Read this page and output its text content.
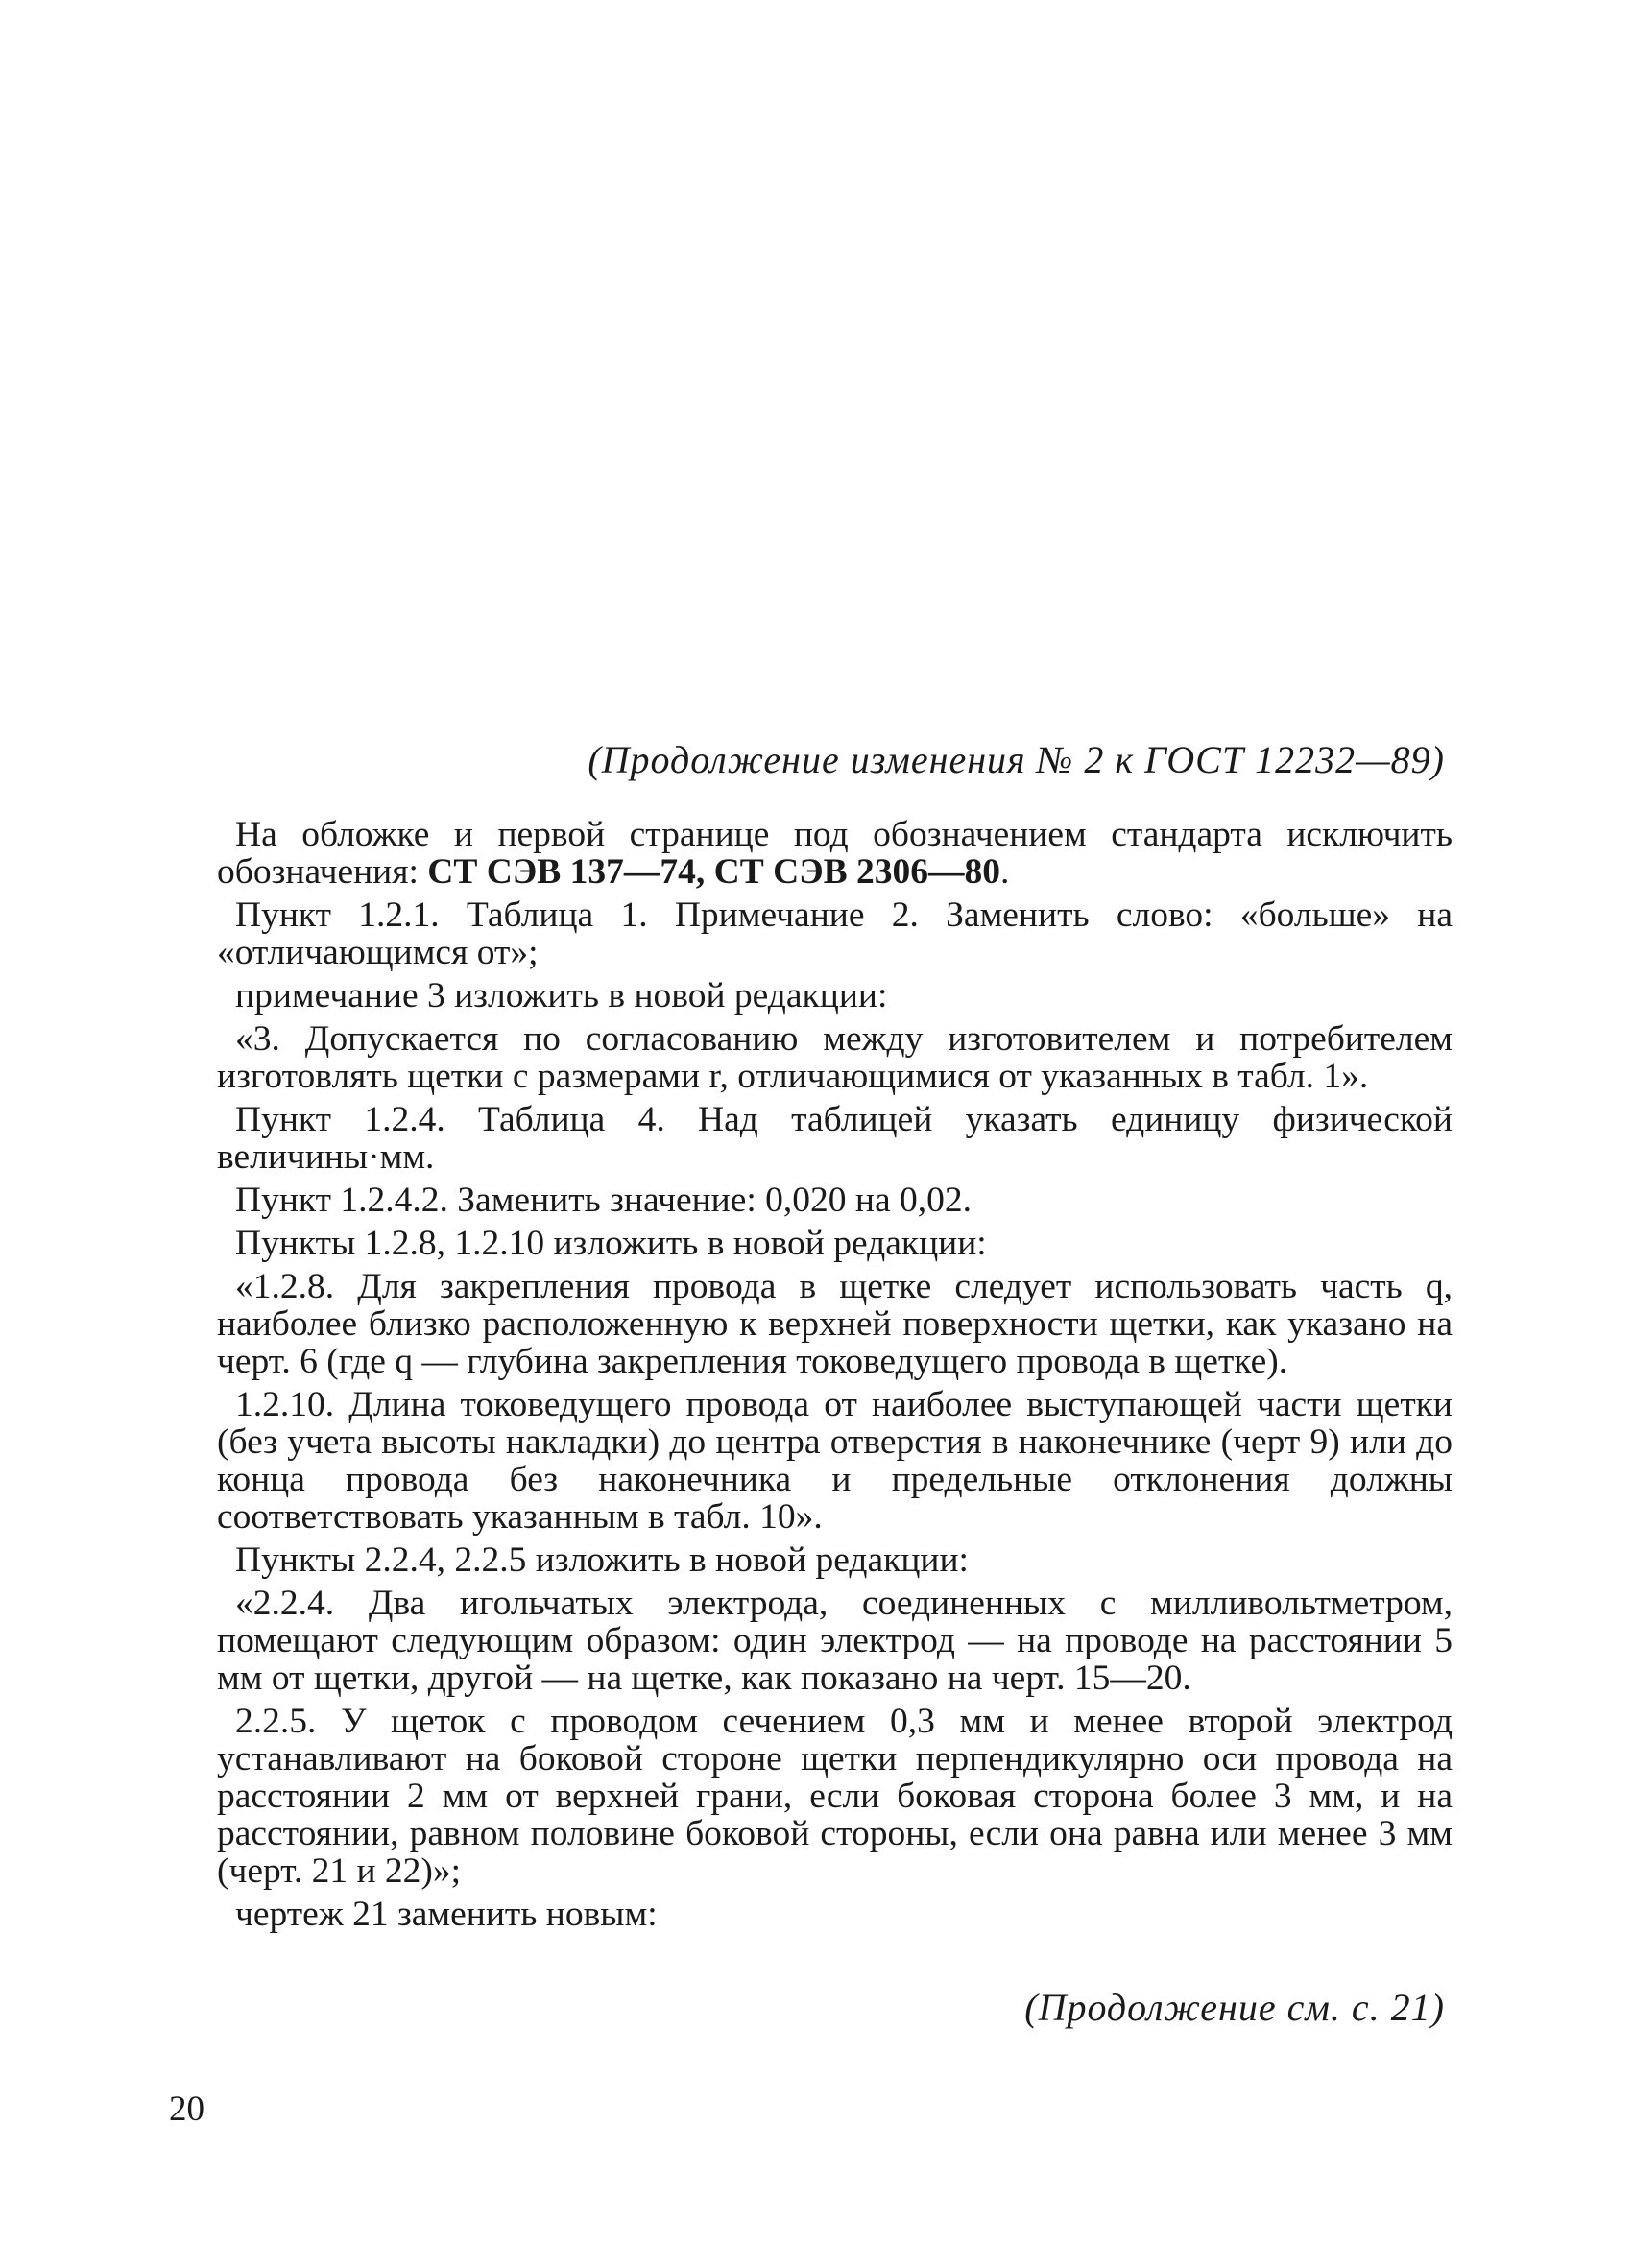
(Продолжение изменения № 2 к ГОСТ 12232—89)

На обложке и первой странице под обозначением стандарта исключить обозначения: СТ СЭВ 137—74, СТ СЭВ 2306—80.

Пункт 1.2.1. Таблица 1. Примечание 2. Заменить слово: «больше» на «отличающимся от»;

примечание 3 изложить в новой редакции:

«3. Допускается по согласованию между изготовителем и потребителем изготовлять щетки с размерами r, отличающимися от указанных в табл. 1».

Пункт 1.2.4. Таблица 4. Над таблицей указать единицу физической величины·мм.

Пункт 1.2.4.2. Заменить значение: 0,020 на 0,02.

Пункты 1.2.8, 1.2.10 изложить в новой редакции:

«1.2.8. Для закрепления провода в щетке следует использовать часть q, наиболее близко расположенную к верхней поверхности щетки, как указано на черт. 6 (где q — глубина закрепления токоведущего провода в щетке).

1.2.10. Длина токоведущего провода от наиболее выступающей части щетки (без учета высоты накладки) до центра отверстия в наконечнике (черт 9) или до конца провода без наконечника и предельные отклонения должны соответствовать указанным в табл. 10».

Пункты 2.2.4, 2.2.5 изложить в новой редакции:

«2.2.4. Два игольчатых электрода, соединенных с милливольтметром, помещают следующим образом: один электрод — на проводе на расстоянии 5 мм от щетки, другой — на щетке, как показано на черт. 15—20.

2.2.5. У щеток с проводом сечением 0,3 мм и менее второй электрод устанавливают на боковой стороне щетки перпендикулярно оси провода на расстоянии 2 мм от верхней грани, если боковая сторона более 3 мм, и на расстоянии, равном половине боковой стороны, если она равна или менее 3 мм (черт. 21 и 22)»;

чертеж 21 заменить новым:

(Продолжение см. с. 21)
20
